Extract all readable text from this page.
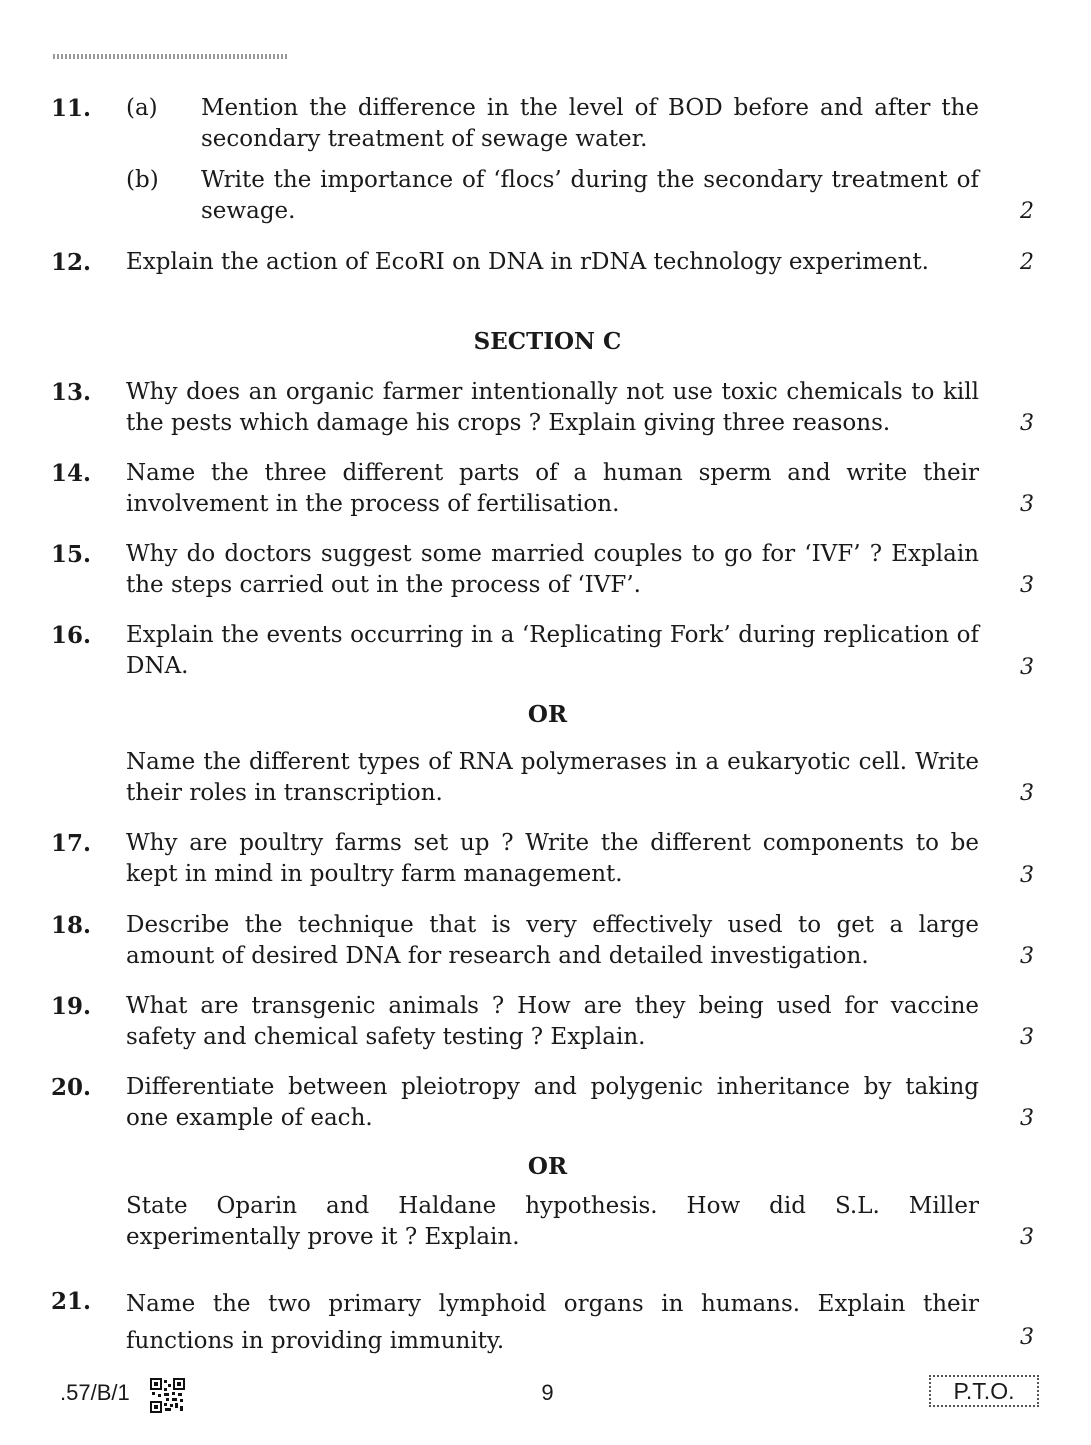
11. (a) Mention the difference in the level of BOD before and after the secondary treatment of sewage water.
(b) Write the importance of ‘flocs’ during the secondary treatment of sewage.	2
12. Explain the action of EcoRI on DNA in rDNA technology experiment.	2
SECTION C
13. Why does an organic farmer intentionally not use toxic chemicals to kill the pests which damage his crops ? Explain giving three reasons.	3
14. Name the three different parts of a human sperm and write their involvement in the process of fertilisation.	3
15. Why do doctors suggest some married couples to go for ‘IVF’ ? Explain the steps carried out in the process of ‘IVF’.	3
16. Explain the events occurring in a ‘Replicating Fork’ during replication of DNA.	3
OR
Name the different types of RNA polymerases in a eukaryotic cell. Write their roles in transcription.	3
17. Why are poultry farms set up ? Write the different components to be kept in mind in poultry farm management.	3
18. Describe the technique that is very effectively used to get a large amount of desired DNA for research and detailed investigation.	3
19. What are transgenic animals ? How are they being used for vaccine safety and chemical safety testing ? Explain.	3
20. Differentiate between pleiotropy and polygenic inheritance by taking one example of each.	3
OR
State Oparin and Haldane hypothesis. How did S.L. Miller experimentally prove it ? Explain.	3
21. Name the two primary lymphoid organs in humans. Explain their functions in providing immunity.	3
.57/B/1	9	P.T.O.
